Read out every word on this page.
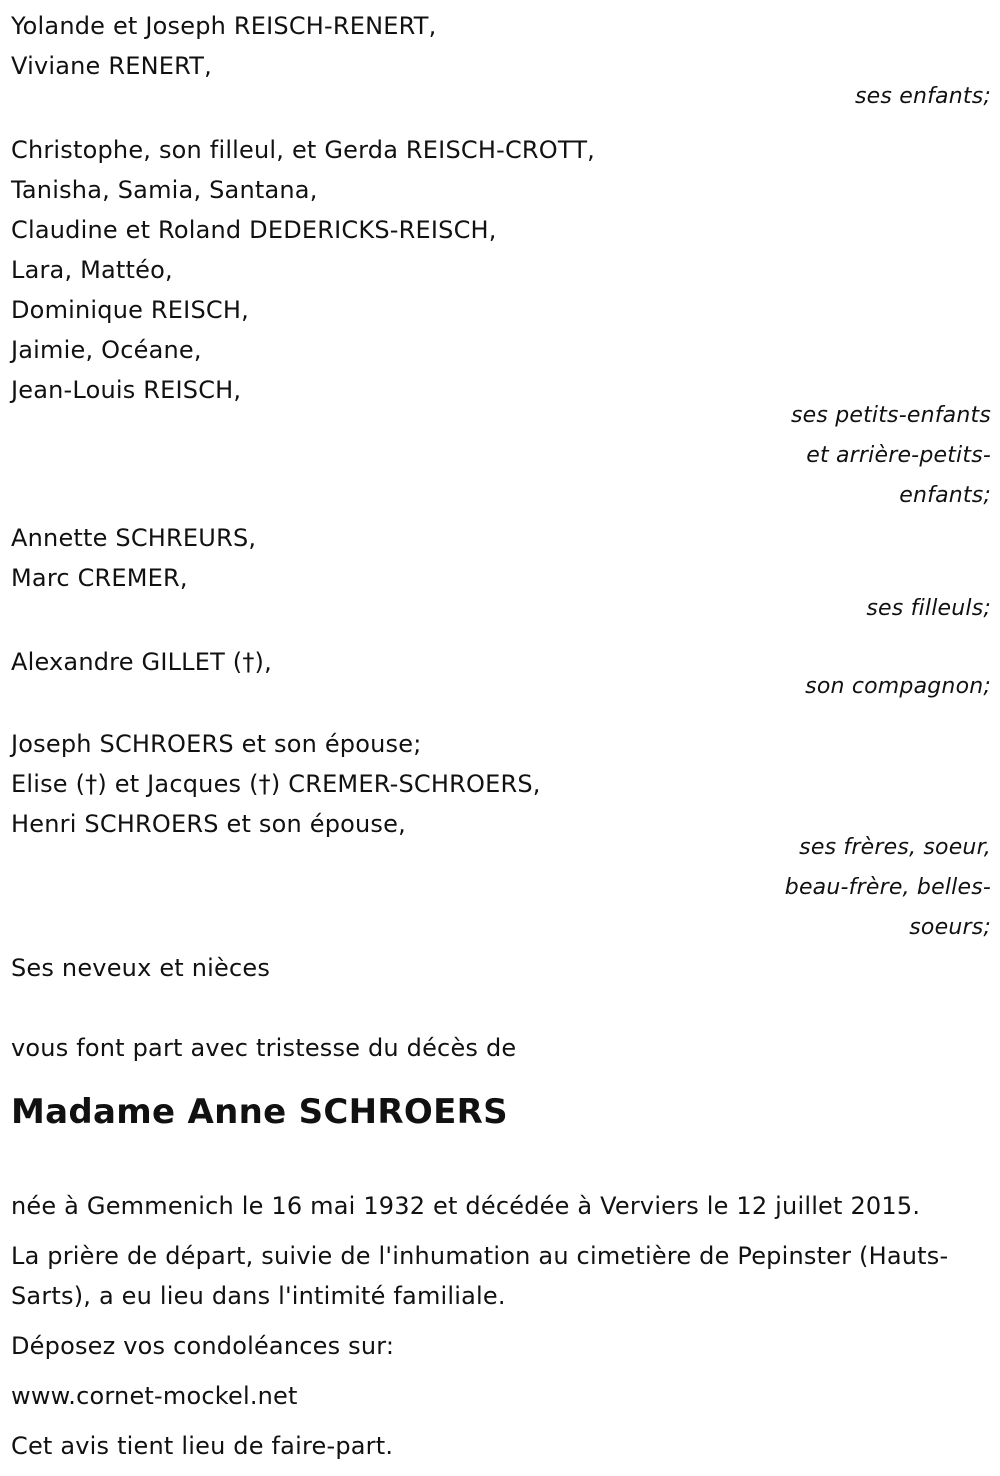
Yolande et Joseph REISCH-RENERT,
Viviane RENERT,
ses enfants;
Christophe, son filleul, et Gerda REISCH-CROTT,
Tanisha, Samia, Santana,
Claudine et Roland DEDERICKS-REISCH,
Lara, Mattéo,
Dominique REISCH,
Jaimie, Océane,
Jean-Louis REISCH,
ses petits-enfants
et arrière-petits-
enfants;
Annette SCHREURS,
Marc CREMER,
ses filleuls;
Alexandre GILLET (†),
son compagnon;
Joseph SCHROERS et son épouse;
Elise (†) et Jacques (†) CREMER-SCHROERS,
Henri SCHROERS et son épouse,
ses frères, soeur,
beau-frère, belles-
soeurs;
Ses neveux et nièces
vous font part avec tristesse du décès de
Madame Anne SCHROERS
née à Gemmenich le 16 mai 1932 et décédée à Verviers le 12 juillet 2015.
La prière de départ, suivie de l'inhumation au cimetière de Pepinster (Hauts-Sarts), a eu lieu dans l'intimité familiale.
Déposez vos condoléances sur:
www.cornet-mockel.net
Cet avis tient lieu de faire-part.
